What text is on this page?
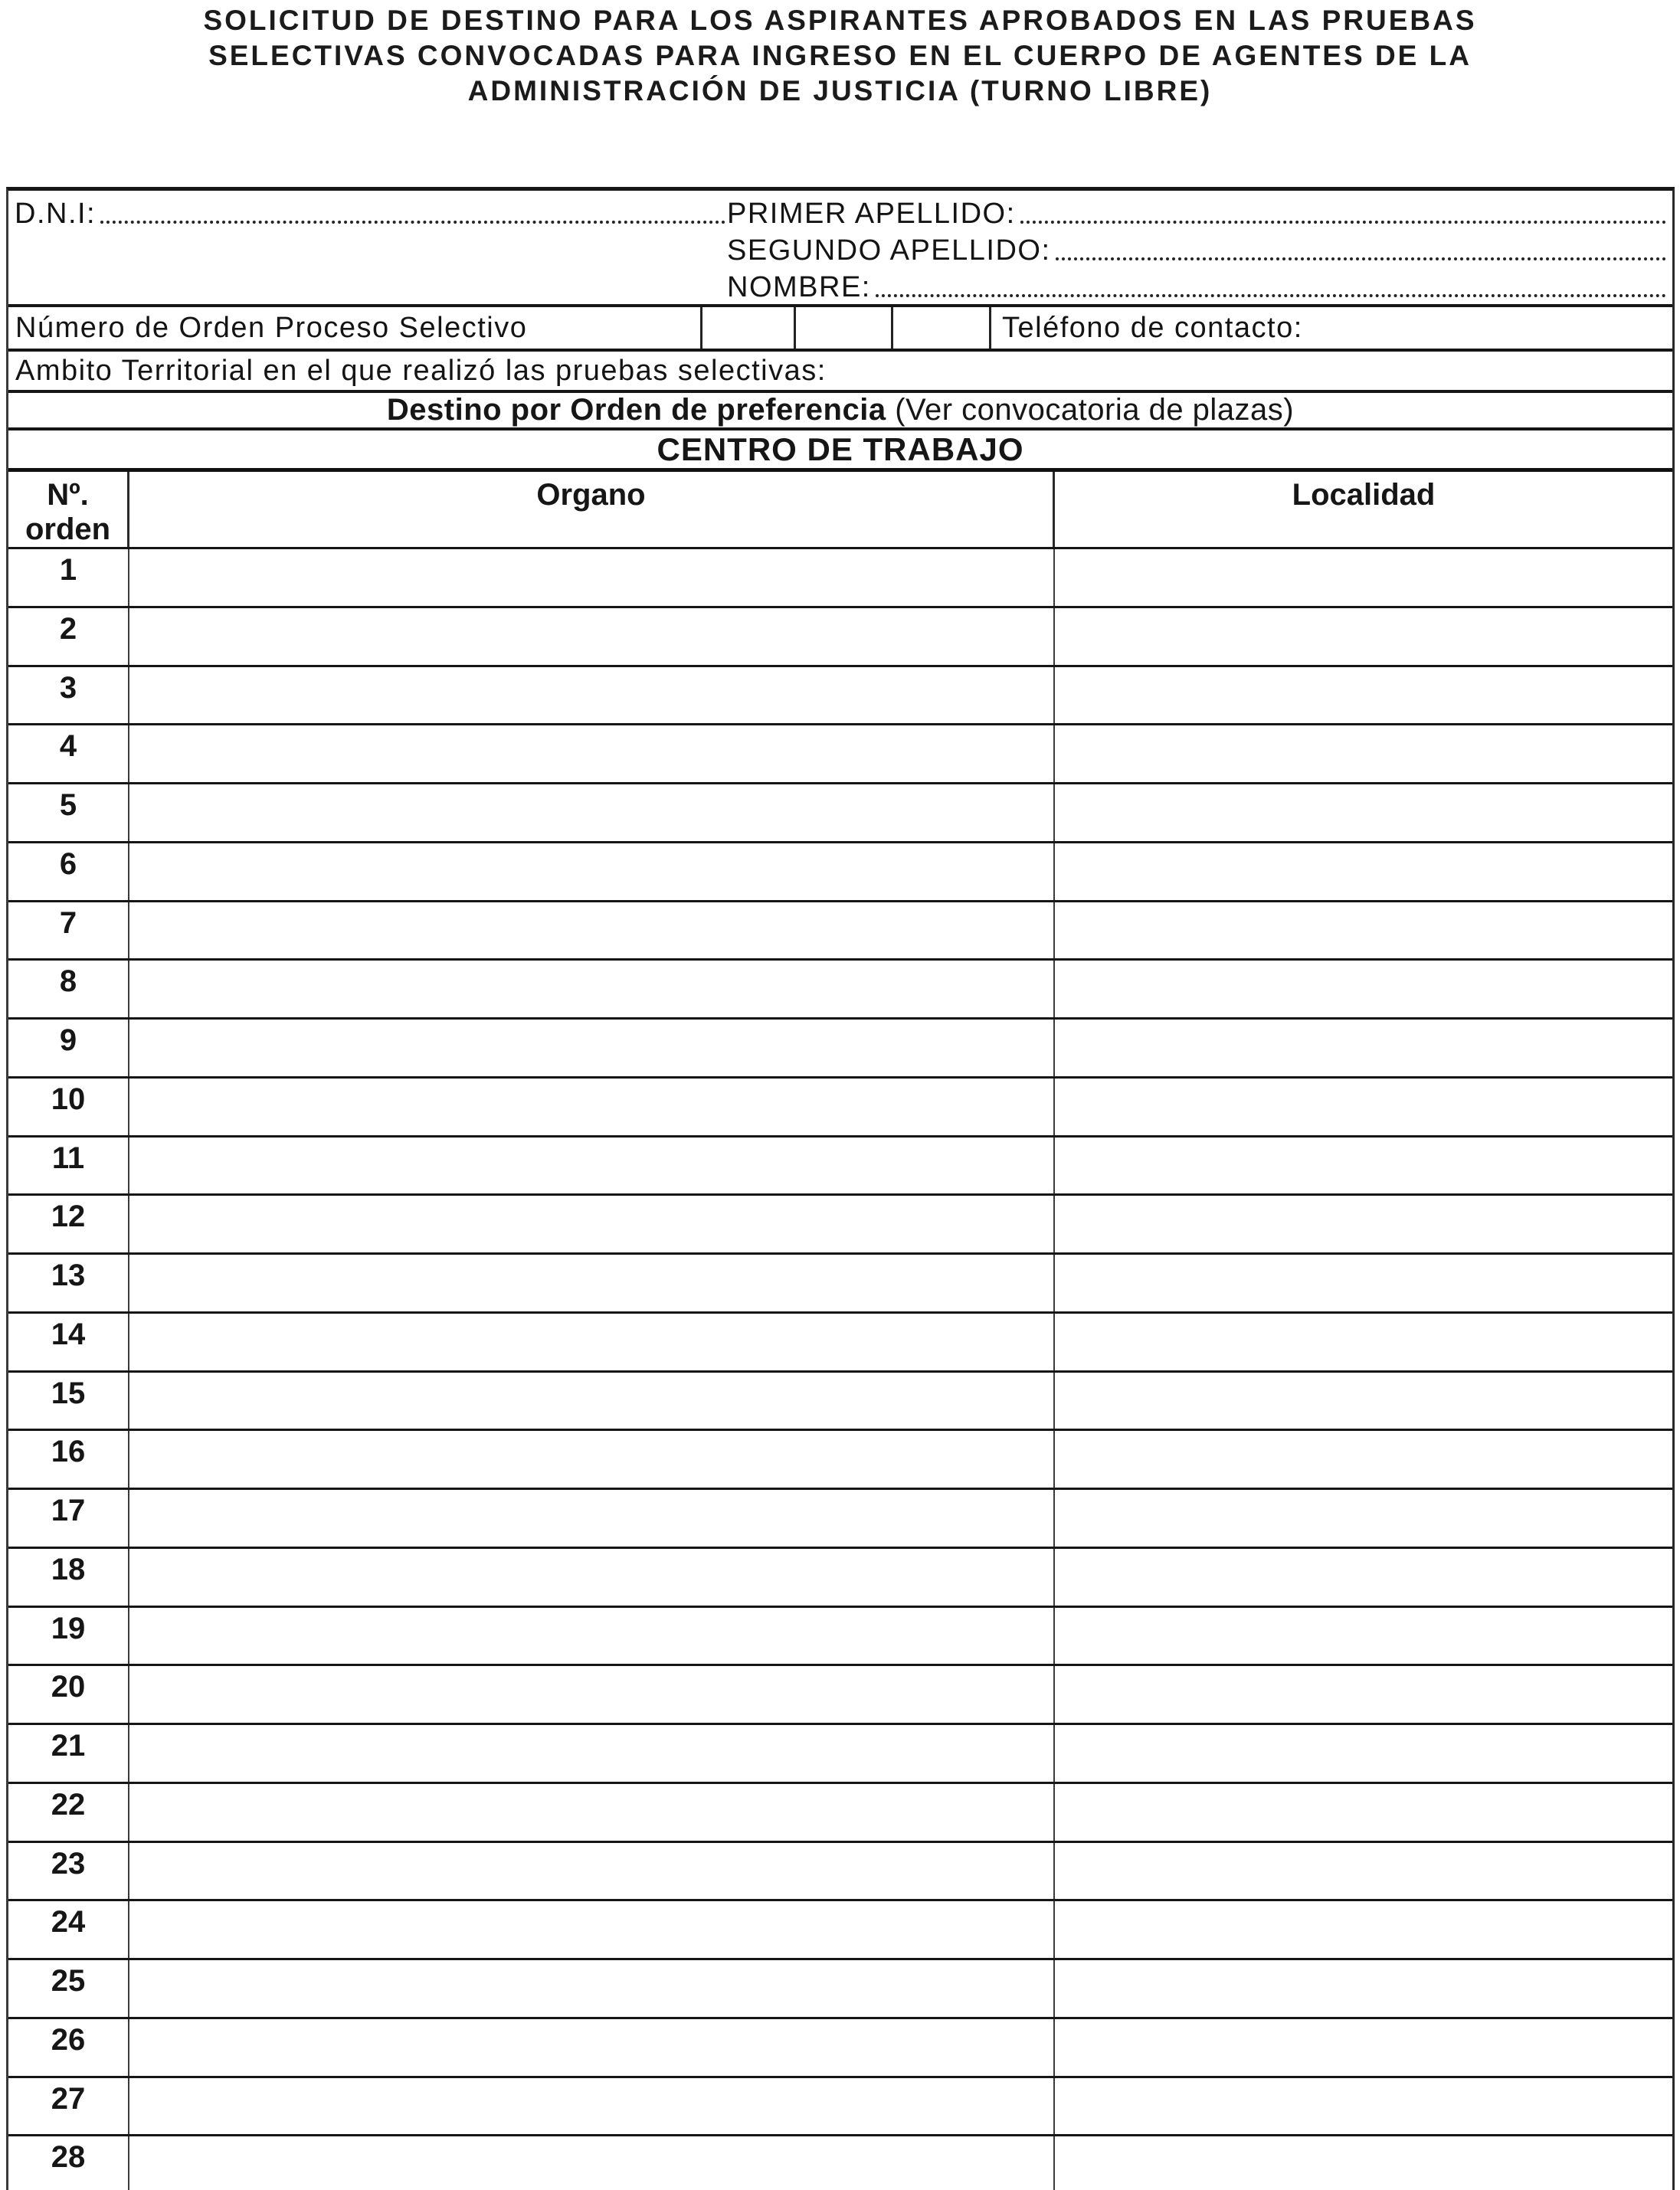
SOLICITUD DE DESTINO PARA LOS ASPIRANTES APROBADOS EN LAS PRUEBAS
SELECTIVAS CONVOCADAS PARA INGRESO EN EL CUERPO DE AGENTES DE LA
ADMINISTRACIÓN DE JUSTICIA (TURNO LIBRE)
D.N.I:	PRIMER APELLIDO:
SEGUNDO APELLIDO:
NOMBRE:
Número de Orden Proceso Selectivo	Teléfono de contacto:
Ambito Territorial en el que realizó las pruebas selectivas:
Destino por Orden de preferencia (Ver convocatoria de plazas)
CENTRO DE TRABAJO
Nº.
orden
Organo	Localidad
1
2
3
4
5
6
7
8
9
10
11
12
13
14
15
16
17
18
19
20
21
22
23
24
25
26
27
28
